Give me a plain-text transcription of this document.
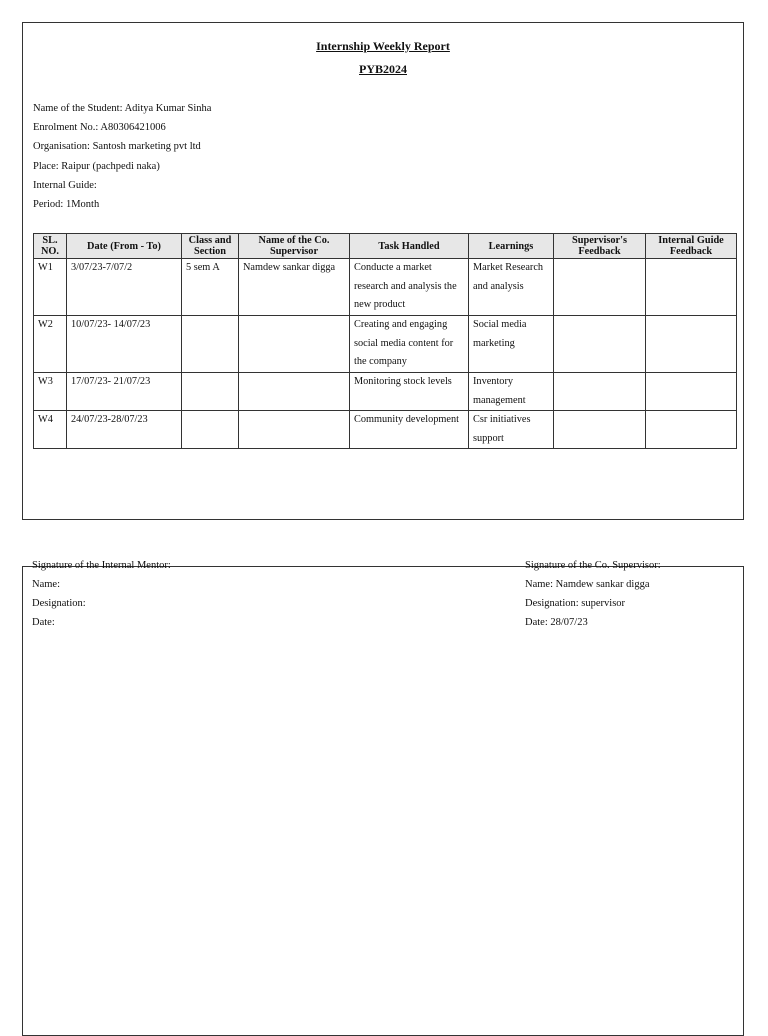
Internship Weekly Report
PYB2024
Name of the Student: Aditya Kumar Sinha
Enrolment No.: A80306421006
Organisation: Santosh marketing pvt ltd
Place: Raipur (pachpedi naka)
Internal Guide:
Period: 1Month
SL. NO.	Date (From - To)	Class and Section	Name of the Co. Supervisor	Task Handled	Learnings	Supervisor's Feedback	Internal Guide Feedback
W1	3/07/23-7/07/2	5 sem A	Namdew sankar digga	Conducte a market research and analysis the new product	Market Research and analysis		
W2	10/07/23- 14/07/23			Creating and engaging social media content for the company	Social media marketing		
W3	17/07/23- 21/07/23			Monitoring stock levels	Inventory management		
W4	24/07/23-28/07/23			Community development	Csr initiatives support		
Signature of the Internal Mentor:
Name:
Designation:
Date:
Signature of the Co. Supervisor:
Name: Namdew sankar digga
Designation: supervisor
Date: 28/07/23
